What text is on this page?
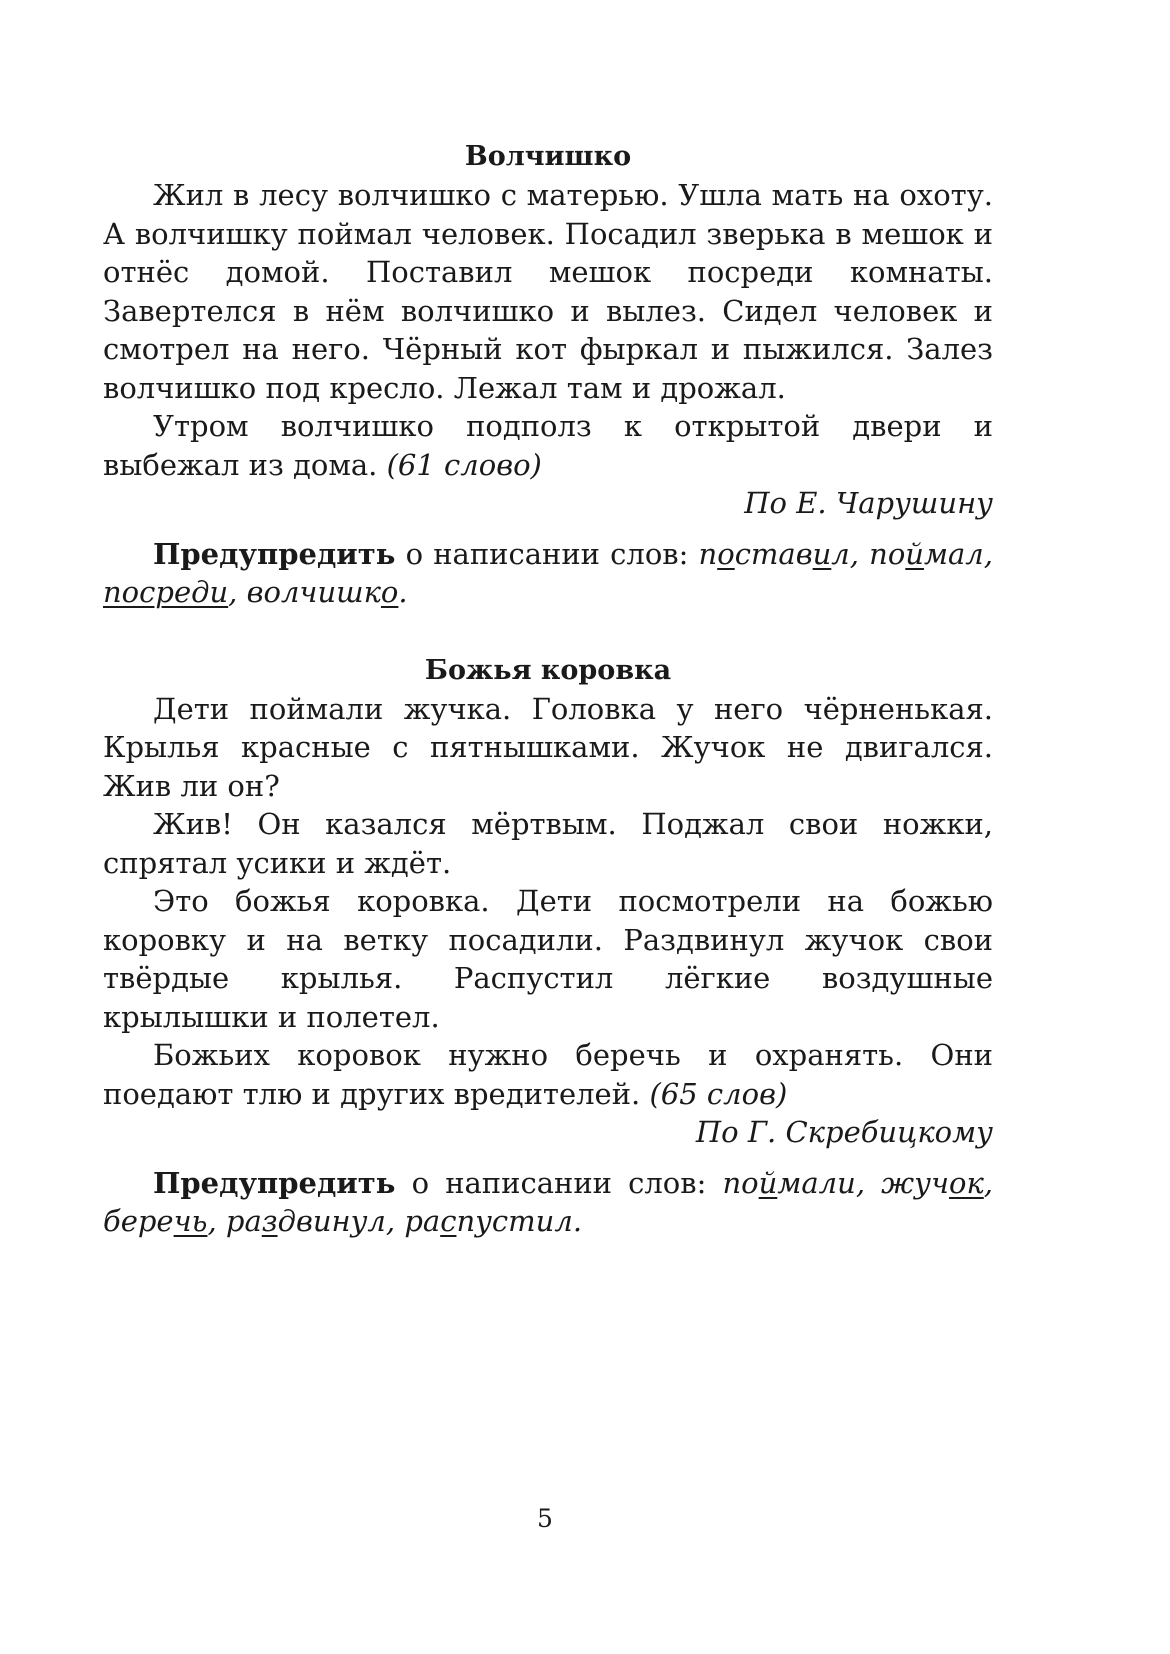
Волчишко

Жил в лесу волчишко с матерью. Ушла мать на охоту. А волчишку поймал человек. Посадил зверька в мешок и отнёс домой. Поставил мешок посреди комнаты. Завертелся в нём волчишко и вылез. Сидел человек и смотрел на него. Чёрный кот фыркал и пыжился. Залез волчишко под кресло. Лежал там и дрожал.

Утром волчишко подполз к открытой двери и выбежал из дома. (61 слово)

По Е. Чарушину

Предупредить о написании слов: поставил, поймал, посреди, волчишко.

Божья коровка

Дети поймали жучка. Головка у него чёрненькая. Крылья красные с пятнышками. Жучок не двигался. Жив ли он?

Жив! Он казался мёртвым. Поджал свои ножки, спрятал усики и ждёт.

Это божья коровка. Дети посмотрели на божью коровку и на ветку посадили. Раздвинул жучок свои твёрдые крылья. Распустил лёгкие воздушные крылышки и полетел.

Божьих коровок нужно беречь и охранять. Они поедают тлю и других вредителей. (65 слов)

По Г. Скребицкому

Предупредить о написании слов: поймали, жучок, беречь, раздвинул, распустил.

5
